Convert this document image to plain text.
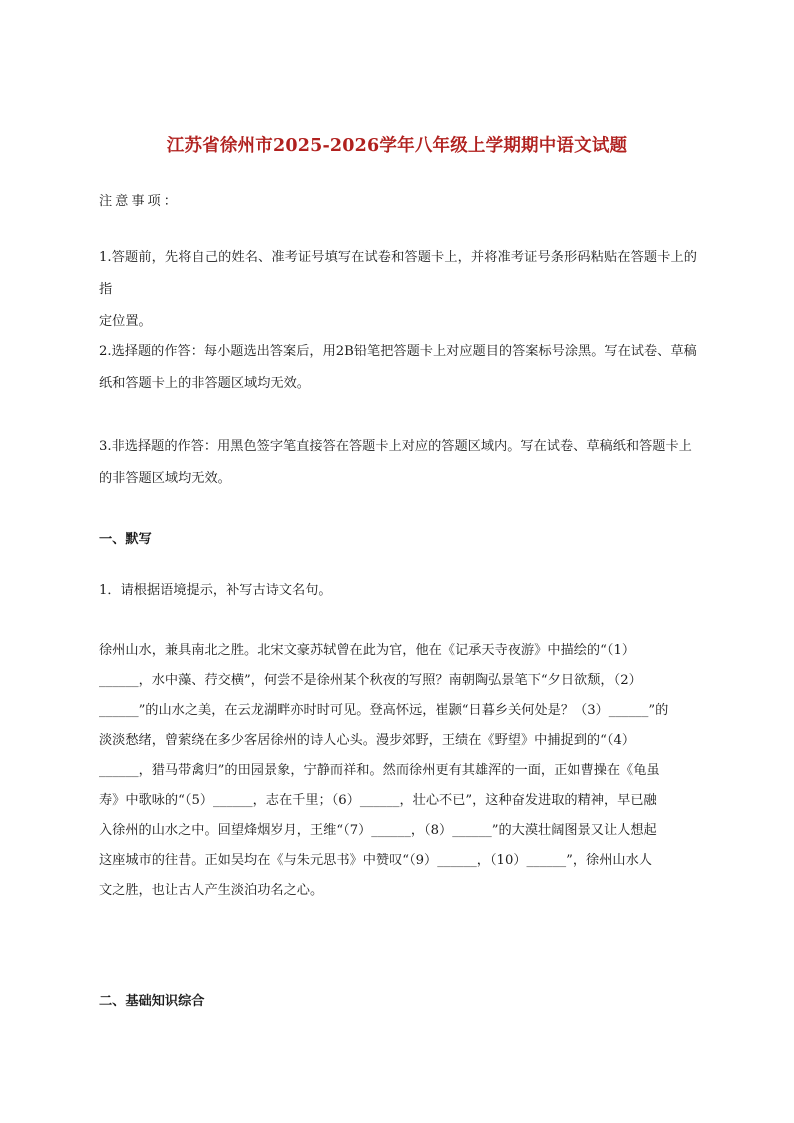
江苏省徐州市2025-2026学年八年级上学期期中语文试题
注意事项：
1.答题前，先将自己的姓名、准考证号填写在试卷和答题卡上，并将准考证号条形码粘贴在答题卡上的指
定位置。
2.选择题的作答：每小题选出答案后，用2B铅笔把答题卡上对应题目的答案标号涂黑。写在试卷、草稿
纸和答题卡上的非答题区域均无效。
3.非选择题的作答：用黑色签字笔直接答在答题卡上对应的答题区域内。写在试卷、草稿纸和答题卡上
的非答题区域均无效。
一、默写
1．请根据语境提示，补写古诗文名句。
徐州山水，兼具南北之胜。北宋文豪苏轼曾在此为官，他在《记承天寺夜游》中描绘的“（1）
______，水中藻、荇交横”，何尝不是徐州某个秋夜的写照？南朝陶弘景笔下“夕日欲颓，（2）
______”的山水之美，在云龙湖畔亦时时可见。登高怀远，崔颢“日暮乡关何处是？（3）______”的
淡淡愁绪，曾萦绕在多少客居徐州的诗人心头。漫步郊野，王绩在《野望》中捕捉到的“（4）
______，猎马带禽归”的田园景象，宁静而祥和。然而徐州更有其雄浑的一面，正如曹操在《龟虽
寿》中歌咏的“（5）______，志在千里；（6）______，壮心不已”，这种奋发进取的精神，早已融
入徐州的山水之中。回望烽烟岁月，王维“（7）______，（8）______”的大漠壮阔图景又让人想起
这座城市的往昔。正如吴均在《与朱元思书》中赞叹“（9）______，（10）______”，徐州山水人
文之胜，也让古人产生淡泊功名之心。
二、基础知识综合
